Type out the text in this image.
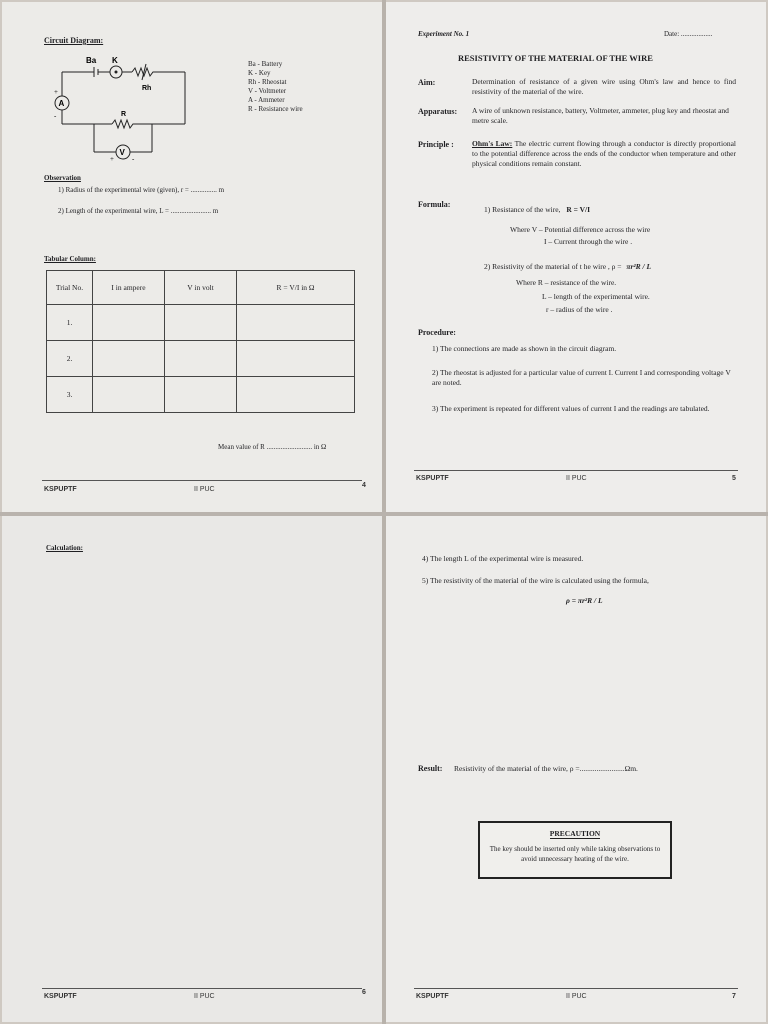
Circuit Diagram:
Ba K
Rh
R
A
V
+
-
+	-
Ba - Battery
K - Key
Rh - Rheostat
V - Voltmeter
A - Ammeter
R - Resistance wire
Observation
1) Radius of the experimental wire (given), r = ............... m
2) Length of the experimental wire, L = ....................... m
Tabular Column:
Trial No.	I in ampere	V in volt	R = V/I in Ω
1.			
2.			
3.			
Mean value of R .......................... in Ω
KSPUPTF	II PUC
4
Experiment No. 1	Date: ..................
RESISTIVITY OF THE MATERIAL OF THE WIRE
Aim:	Determination of resistance of a given wire using Ohm's law and hence to find resistivity of the material of the wire.
Apparatus: A wire of unknown resistance, battery, Voltmeter, ammeter, plug key and rheostat and metre scale.
Principle : Ohm's Law: The electric current flowing through a conductor is directly proportional to the potential difference across the ends of the conductor when temperature and other physical conditions remain constant.
Formula:
1) Resistance of the wire, R = V/I
Where V – Potential difference across the wire
I – Current through the wire .
2) Resistivity of the material of t he wire , ρ = πr²R / L
Where R – resistance of the wire.
L – length of the experimental wire.
r – radius of the wire .
Procedure:
1) The connections are made as shown in the circuit diagram.
2) The rheostat is adjusted for a particular value of current I. Current I and corresponding voltage V are noted.
3) The experiment is repeated for different values of current I and the readings are tabulated.
KSPUPTF	II PUC	5
Calculation:
KSPUPTF	II PUC
6
4) The length L of the experimental wire is measured.
5) The resistivity of the material of the wire is calculated using the formula,
ρ = πr²R / L
Result: Resistivity of the material of the wire, ρ =........................Ωm.
PRECAUTION
The key should be inserted only while taking observations to avoid unnecessary heating of the wire.
KSPUPTF	II PUC	7
